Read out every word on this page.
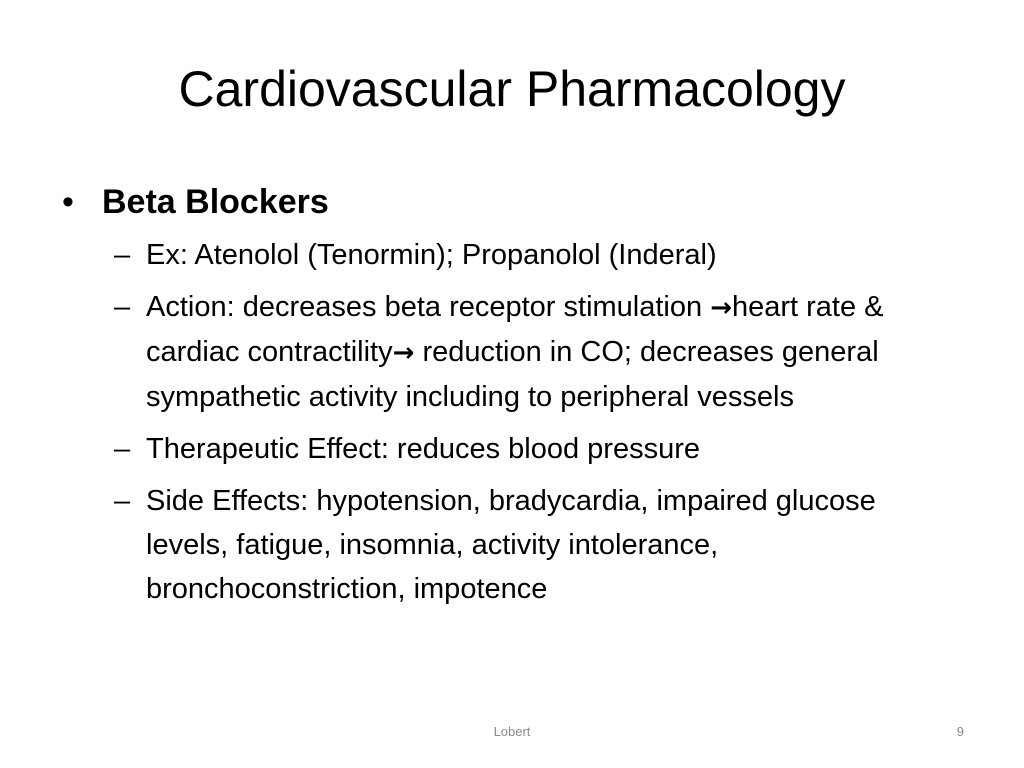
Cardiovascular Pharmacology
• Beta Blockers
– Ex: Atenolol (Tenormin); Propanolol (Inderal)
– Action: decreases beta receptor stimulation →heart rate & cardiac contractility→ reduction in CO; decreases general sympathetic activity including to peripheral vessels
– Therapeutic Effect: reduces blood pressure
– Side Effects: hypotension, bradycardia, impaired glucose levels, fatigue, insomnia, activity intolerance, bronchoconstriction, impotence
Lobert	9
